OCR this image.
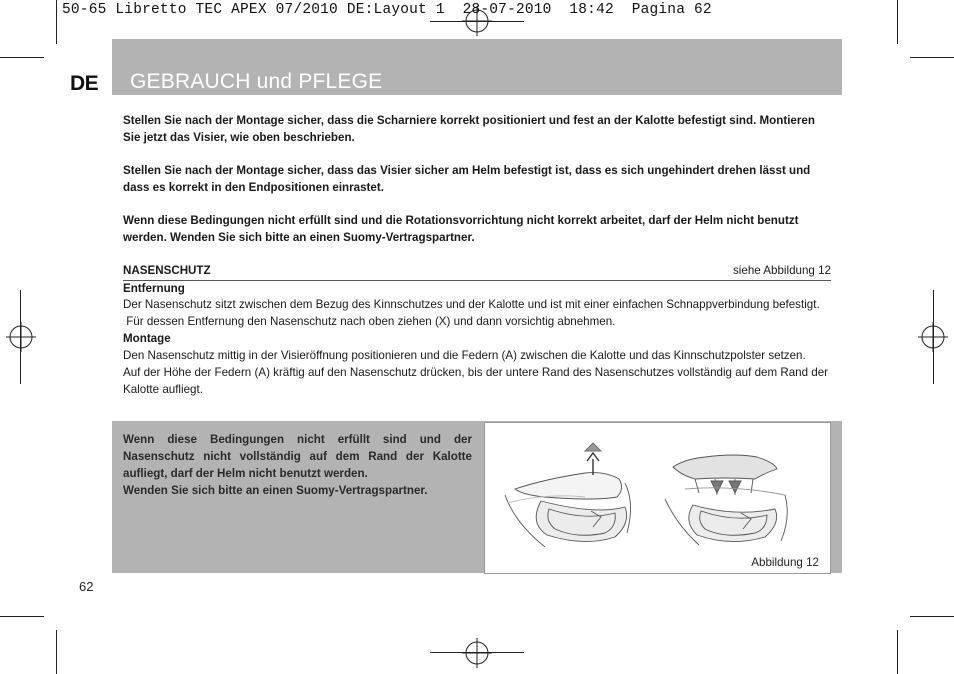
50-65 Libretto TEC APEX 07/2010 DE:Layout 1  28-07-2010  18:42  Pagina 62
DE GEBRAUCH und PFLEGE
Stellen Sie nach der Montage sicher, dass die Scharniere korrekt positioniert und fest an der Kalotte befestigt sind. Montieren Sie jetzt das Visier, wie oben beschrieben.
Stellen Sie nach der Montage sicher, dass das Visier sicher am Helm befestigt ist, dass es sich ungehindert drehen lässt und dass es korrekt in den Endpositionen einrastet.
Wenn diese Bedingungen nicht erfüllt sind und die Rotationsvorrichtung nicht korrekt arbeitet, darf der Helm nicht benutzt werden. Wenden Sie sich bitte an einen Suomy-Vertragspartner.
NASENSCHUTZ	siehe Abbildung 12
Entfernung
Der Nasenschutz sitzt zwischen dem Bezug des Kinnschutzes und der Kalotte und ist mit einer einfachen Schnappverbindung befestigt.
Für dessen Entfernung den Nasenschutz nach oben ziehen (X) und dann vorsichtig abnehmen.
Montage
Den Nasenschutz mittig in der Visieröffnung positionieren und die Federn (A) zwischen die Kalotte und das Kinnschutzpolster setzen.
Auf der Höhe der Federn (A) kräftig auf den Nasenschutz drücken, bis der untere Rand des Nasenschutzes vollständig auf dem Rand der Kalotte aufliegt.
Wenn diese Bedingungen nicht erfüllt sind und der Nasenschutz nicht vollständig auf dem Rand der Kalotte aufliegt, darf der Helm nicht benutzt werden.
Wenden Sie sich bitte an einen Suomy-Vertragspartner.
Abbildung 12
62
